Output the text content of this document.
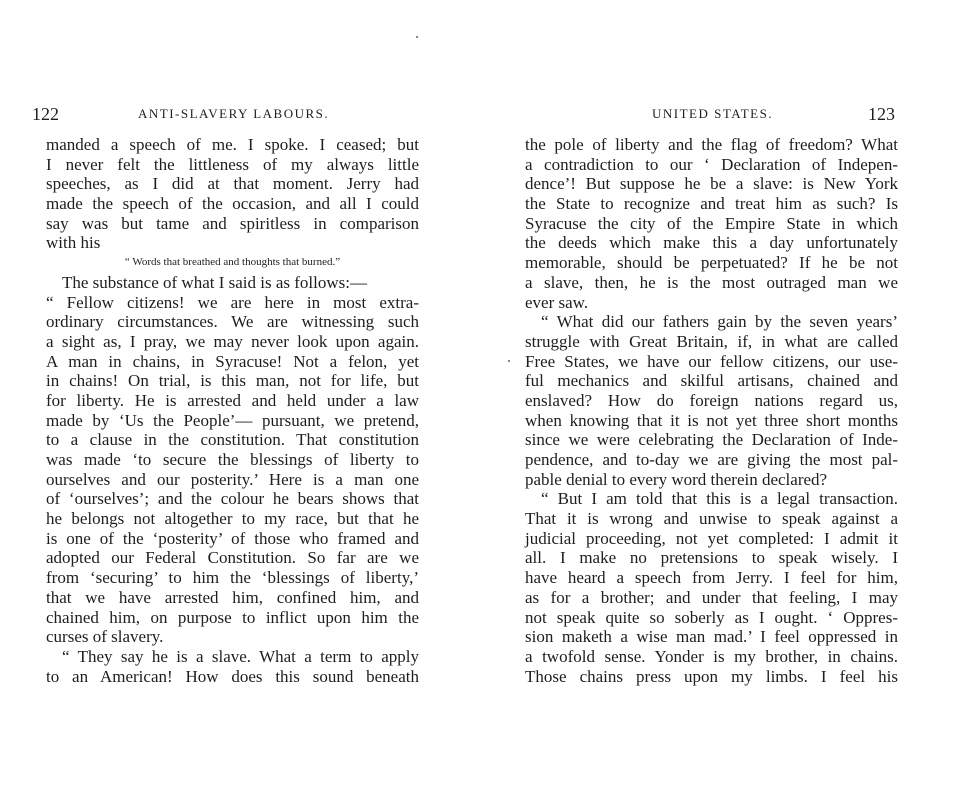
122	ANTI-SLAVERY LABOURS.
manded a speech of me. I spoke. I ceased; but
I never felt the littleness of my always little
speeches, as I did at that moment. Jerry had
made the speech of the occasion, and all I could
say was but tame and spiritless in comparison
with his
“ Words that breathed and thoughts that burned.”
The substance of what I said is as follows:—
“ Fellow citizens! we are here in most extra-
ordinary circumstances. We are witnessing such
a sight as, I pray, we may never look upon again.
A man in chains, in Syracuse! Not a felon, yet
in chains! On trial, is this man, not for life, but
for liberty. He is arrested and held under a law
made by ‘Us the People’— pursuant, we pretend,
to a clause in the constitution. That constitution
was made ‘to secure the blessings of liberty to
ourselves and our posterity.’ Here is a man one
of ‘ourselves’; and the colour he bears shows that
he belongs not altogether to my race, but that he
is one of the ‘posterity’ of those who framed and
adopted our Federal Constitution. So far are we
from ‘securing’ to him the ‘blessings of liberty,’
that we have arrested him, confined him, and
chained him, on purpose to inflict upon him the
curses of slavery.
“ They say he is a slave. What a term to apply
to an American! How does this sound beneath
UNITED STATES.	123
the pole of liberty and the flag of freedom? What
a contradiction to our ‘ Declaration of Indepen-
dence’! But suppose he be a slave: is New York
the State to recognize and treat him as such? Is
Syracuse the city of the Empire State in which
the deeds which make this a day unfortunately
memorable, should be perpetuated? If he be not
a slave, then, he is the most outraged man we
ever saw.
“ What did our fathers gain by the seven years’
struggle with Great Britain, if, in what are called
Free States, we have our fellow citizens, our use-
ful mechanics and skilful artisans, chained and
enslaved? How do foreign nations regard us,
when knowing that it is not yet three short months
since we were celebrating the Declaration of Inde-
pendence, and to-day we are giving the most pal-
pable denial to every word therein declared?
“ But I am told that this is a legal transaction.
That it is wrong and unwise to speak against a
judicial proceeding, not yet completed: I admit it
all. I make no pretensions to speak wisely. I
have heard a speech from Jerry. I feel for him,
as for a brother; and under that feeling, I may
not speak quite so soberly as I ought. ‘ Oppres-
sion maketh a wise man mad.’ I feel oppressed in
a twofold sense. Yonder is my brother, in chains.
Those chains press upon my limbs. I feel his
